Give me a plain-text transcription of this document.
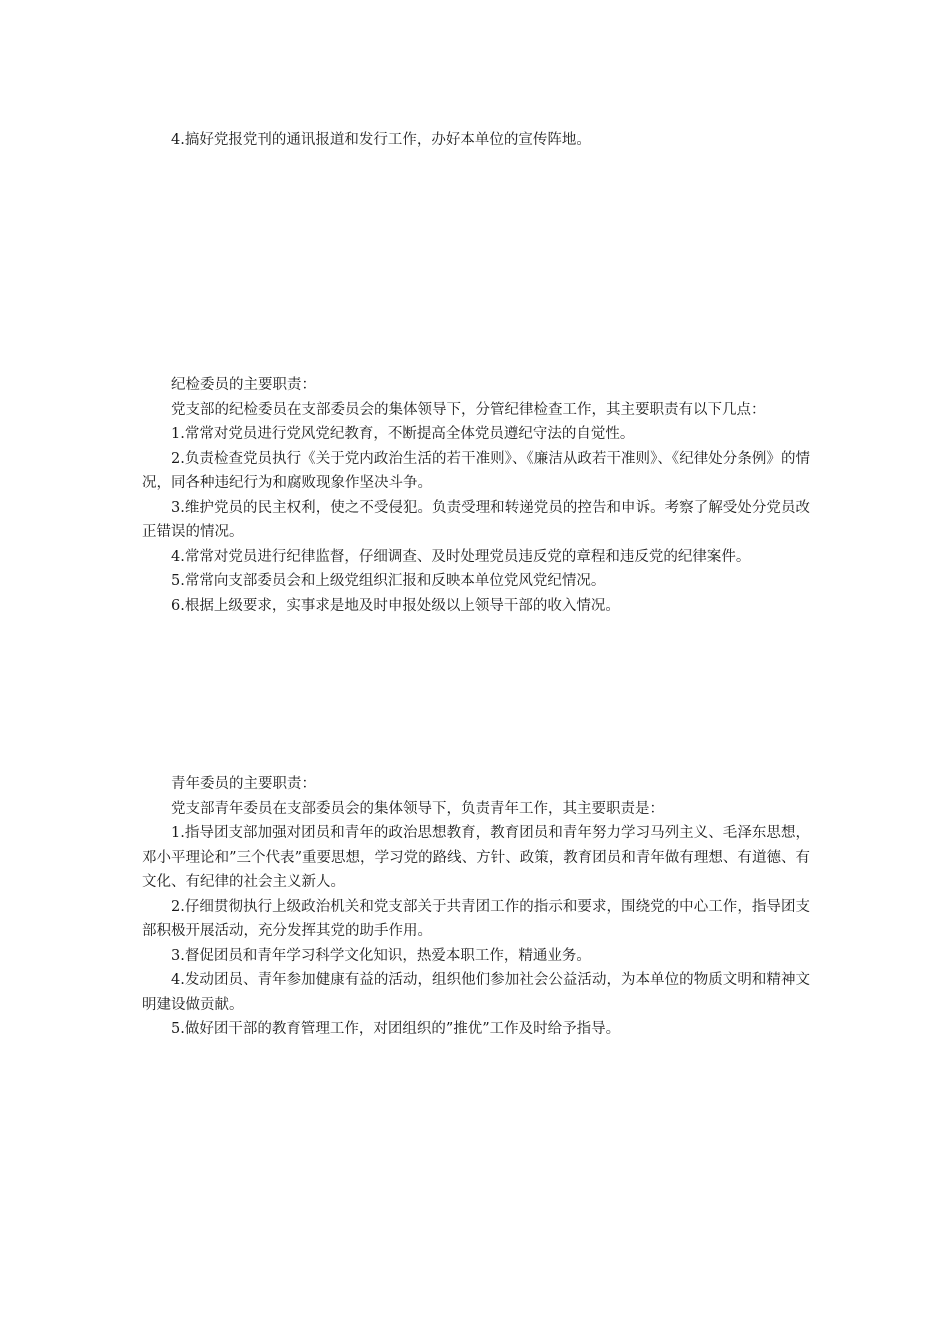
4.搞好党报党刊的通讯报道和发行工作，办好本单位的宣传阵地。

纪检委员的主要职责：

党支部的纪检委员在支部委员会的集体领导下，分管纪律检查工作，其主要职责有以下几点：

1.常常对党员进行党风党纪教育，不断提高全体党员遵纪守法的自觉性。

2.负责检查党员执行《关于党内政治生活的若干准则》、《廉洁从政若干准则》、《纪律处分条例》的情况，同各种违纪行为和腐败现象作坚决斗争。

3.维护党员的民主权利，使之不受侵犯。负责受理和转递党员的控告和申诉。考察了解受处分党员改正错误的情况。

4.常常对党员进行纪律监督，仔细调查、及时处理党员违反党的章程和违反党的纪律案件。

5.常常向支部委员会和上级党组织汇报和反映本单位党风党纪情况。

6.根据上级要求，实事求是地及时申报处级以上领导干部的收入情况。

青年委员的主要职责：

党支部青年委员在支部委员会的集体领导下，负责青年工作，其主要职责是：

1.指导团支部加强对团员和青年的政治思想教育，教育团员和青年努力学习马列主义、毛泽东思想，邓小平理论和”三个代表”重要思想，学习党的路线、方针、政策，教育团员和青年做有理想、有道德、有文化、有纪律的社会主义新人。

2.仔细贯彻执行上级政治机关和党支部关于共青团工作的指示和要求，围绕党的中心工作，指导团支部积极开展活动，充分发挥其党的助手作用。

3.督促团员和青年学习科学文化知识，热爱本职工作，精通业务。

4.发动团员、青年参加健康有益的活动，组织他们参加社会公益活动，为本单位的物质文明和精神文明建设做贡献。

5.做好团干部的教育管理工作，对团组织的”推优”工作及时给予指导。
